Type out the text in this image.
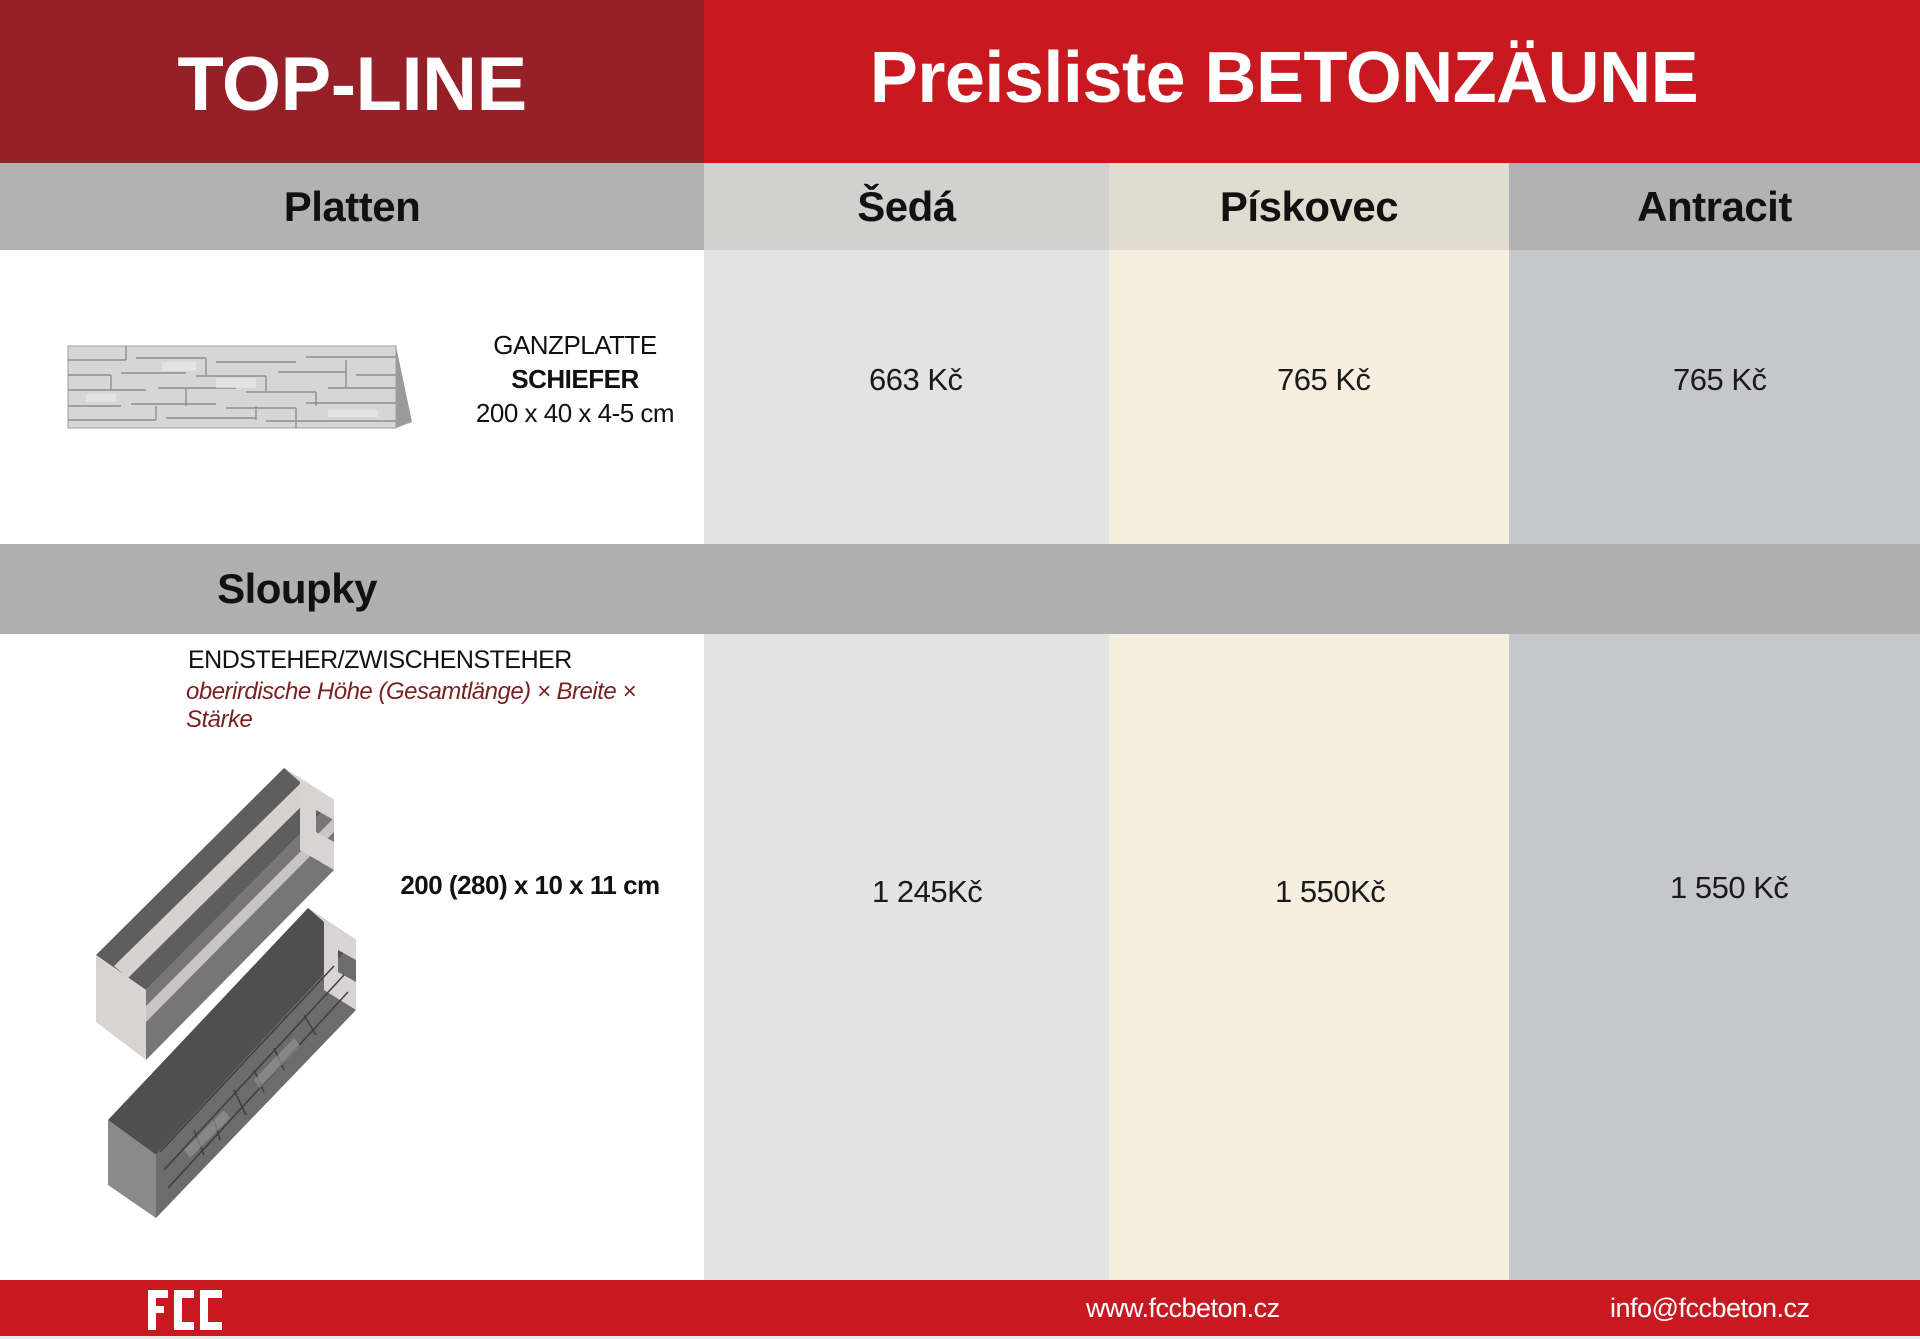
TOP-LINE	Preisliste BETONZÄUNE
Platten	Šedá	Pískovec	Antracit
GANZPLATTE
SCHIEFER
200 x 40 x 4-5 cm
663 Kč	765 Kč	765 Kč
Sloupky
ENDSTEHER/ZWISCHENSTEHER
oberirdische Höhe (Gesamtlänge) × Breite × Stärke
200 (280) x 10 x 11 cm	1 245Kč	1 550Kč	1 550 Kč
www.fccbeton.cz	info@fccbeton.cz
